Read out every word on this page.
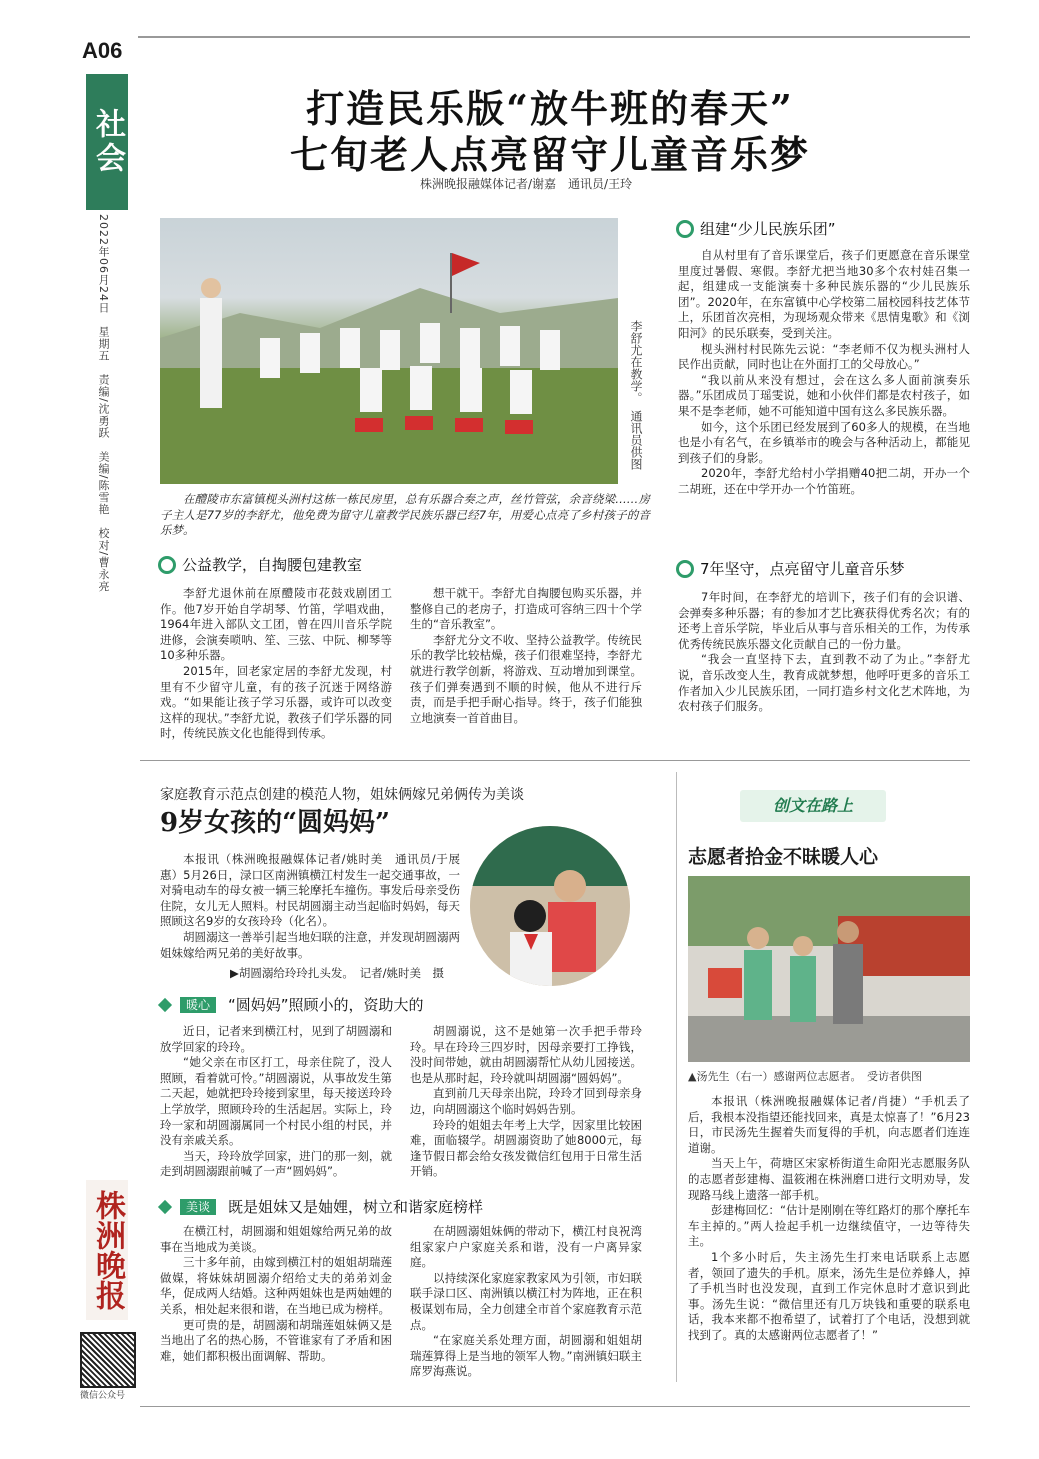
A06
社会
2022年06月24日　星期五　责编/沈勇跃　美编/陈雪艳　校对/曹永亮
打造民乐版“放牛班的春天”
七旬老人点亮留守儿童音乐梦
株洲晚报融媒体记者/谢嘉　通讯员/王玲
李舒尤在教学。　通讯员供图
在醴陵市东富镇枧头洲村这栋一栋民房里，总有乐器合奏之声，丝竹管弦，余音绕梁……房子主人是77岁的李舒尤，他免费为留守儿童教学民族乐器已经7年，用爱心点亮了乡村孩子的音乐梦。
公益教学，自掏腰包建教室

李舒尤退休前在原醴陵市花鼓戏剧团工作。他7岁开始自学胡琴、竹笛，学唱戏曲，1964年进入部队文工团，曾在四川音乐学院进修，会演奏唢呐、笙、三弦、中阮、柳琴等10多种乐器。

2015年，回老家定居的李舒尤发现，村里有不少留守儿童，有的孩子沉迷于网络游戏。“如果能让孩子学习乐器，或许可以改变这样的现状。”李舒尤说，教孩子们学乐器的同时，传统民族文化也能得到传承。

想干就干。李舒尤自掏腰包购买乐器，并整修自己的老房子，打造成可容纳三四十个学生的“音乐教室”。

李舒尤分文不收、坚持公益教学。传统民乐的教学比较枯燥，孩子们很难坚持，李舒尤就进行教学创新，将游戏、互动增加到课堂。孩子们弹奏遇到不顺的时候，他从不进行斥责，而是手把手耐心指导。终于，孩子们能独立地演奏一首首曲目。

组建“少儿民族乐团”

自从村里有了音乐课堂后，孩子们更愿意在音乐课堂里度过暑假、寒假。李舒尤把当地30多个农村娃召集一起，组建成一支能演奏十多种民族乐器的“少儿民族乐团”。2020年，在东富镇中心学校第二届校园科技艺体节上，乐团首次亮相，为现场观众带来《思情鬼歌》和《浏阳河》的民乐联奏，受到关注。

枧头洲村村民陈先云说：“李老师不仅为枧头洲村人民作出贡献，同时也让在外面打工的父母放心。”

“我以前从来没有想过，会在这么多人面前演奏乐器。”乐团成员丁瑶雯说，她和小伙伴们都是农村孩子，如果不是李老师，她不可能知道中国有这么多民族乐器。

如今，这个乐团已经发展到了60多人的规模，在当地也是小有名气，在乡镇举市的晚会与各种活动上，都能见到孩子们的身影。

2020年，李舒尤给村小学捐赠40把二胡，开办一个二胡班，还在中学开办一个竹笛班。

7年坚守，点亮留守儿童音乐梦

7年时间，在李舒尤的培训下，孩子们有的会识谱、会弹奏多种乐器；有的参加才艺比赛获得优秀名次；有的还考上音乐学院，毕业后从事与音乐相关的工作，为传承优秀传统民族乐器文化贡献自己的一份力量。

“我会一直坚持下去，直到教不动了为止。”李舒尤说，音乐改变人生，教育成就梦想，他呼吁更多的音乐工作者加入少儿民族乐团，一同打造乡村文化艺术阵地，为农村孩子们服务。

家庭教育示范点创建的模范人物，姐妹俩嫁兄弟俩传为美谈
9岁女孩的“圆妈妈”

本报讯（株洲晚报融媒体记者/姚时美　通讯员/于展惠）5月26日，渌口区南洲镇横江村发生一起交通事故，一对骑电动车的母女被一辆三轮摩托车撞伤。事发后母亲受伤住院，女儿无人照料。村民胡圆溺主动当起临时妈妈，每天照顾这名9岁的女孩玲玲（化名）。

胡圆溺这一善举引起当地妇联的注意，并发现胡圆溺两姐妹嫁给两兄弟的美好故事。

▶胡圆溺给玲玲扎头发。　记者/姚时美　摄
暖心	“圆妈妈”照顾小的，资助大的

近日，记者来到横江村，见到了胡圆溺和放学回家的玲玲。

“她父亲在市区打工，母亲住院了，没人照顾，看着就可怜。”胡圆溺说，从事故发生第二天起，她就把玲玲接到家里，每天接送玲玲上学放学，照顾玲玲的生活起居。实际上，玲玲一家和胡圆溺属同一个村民小组的村民，并没有亲戚关系。

当天，玲玲放学回家，进门的那一刻，就走到胡圆溺跟前喊了一声“圆妈妈”。

胡圆溺说，这不是她第一次手把手带玲玲。早在玲玲三四岁时，因母亲要打工挣钱，没时间带她，就由胡圆溺帮忙从幼儿园接送。也是从那时起，玲玲就叫胡圆溺“圆妈妈”。

直到前几天母亲出院，玲玲才回到母亲身边，向胡圆溺这个临时妈妈告别。

玲玲的姐姐去年考上大学，因家里比较困难，面临辍学。胡圆溺资助了她8000元，每逢节假日都会给女孩发微信红包用于日常生活开销。

美谈	既是姐妹又是妯娌，树立和谐家庭榜样

在横江村，胡圆溺和姐姐嫁给两兄弟的故事在当地成为美谈。

三十多年前，由嫁到横江村的姐姐胡瑞莲做媒，将妹妹胡圆溺介绍给丈夫的弟弟刘金华，促成两人结婚。这种两姐妹也是两妯娌的关系，相处起来很和谐，在当地已成为榜样。

更可贵的是，胡圆溺和胡瑞莲姐妹俩又是当地出了名的热心肠，不管谁家有了矛盾和困难，她们都积极出面调解、帮助。

在胡圆溺姐妹俩的带动下，横江村良祝湾组家家户户家庭关系和谐，没有一户离异家庭。

以持续深化家庭家教家风为引领，市妇联联手渌口区、南洲镇以横江村为阵地，正在积极谋划布局，全力创建全市首个家庭教育示范点。

“在家庭关系处理方面，胡圆溺和姐姐胡瑞莲算得上是当地的领军人物。”南洲镇妇联主席罗海燕说。

创文在路上
志愿者拾金不昧暖人心
▲汤先生（右一）感谢两位志愿者。　受访者供图

本报讯（株洲晚报融媒体记者/肖捷）“手机丢了后，我根本没指望还能找回来，真是太惊喜了！”6月23日，市民汤先生握着失而复得的手机，向志愿者们连连道谢。

当天上午，荷塘区宋家桥街道生命阳光志愿服务队的志愿者彭建梅、温筱湘在株洲磨口进行文明劝导，发现路马线上遗落一部手机。

彭建梅回忆：“估计是刚刚在等红路灯的那个摩托车车主掉的。”两人捡起手机一边继续值守，一边等待失主。

1个多小时后，失主汤先生打来电话联系上志愿者，领回了遗失的手机。原来，汤先生是位养蜂人，掉了手机当时也没发现，直到工作完休息时才意识到此事。汤先生说：“微信里还有几万块钱和重要的联系电话，我本来都不抱希望了，试着打了个电话，没想到就找到了。真的太感谢两位志愿者了！”

株洲晚报
微信公众号
